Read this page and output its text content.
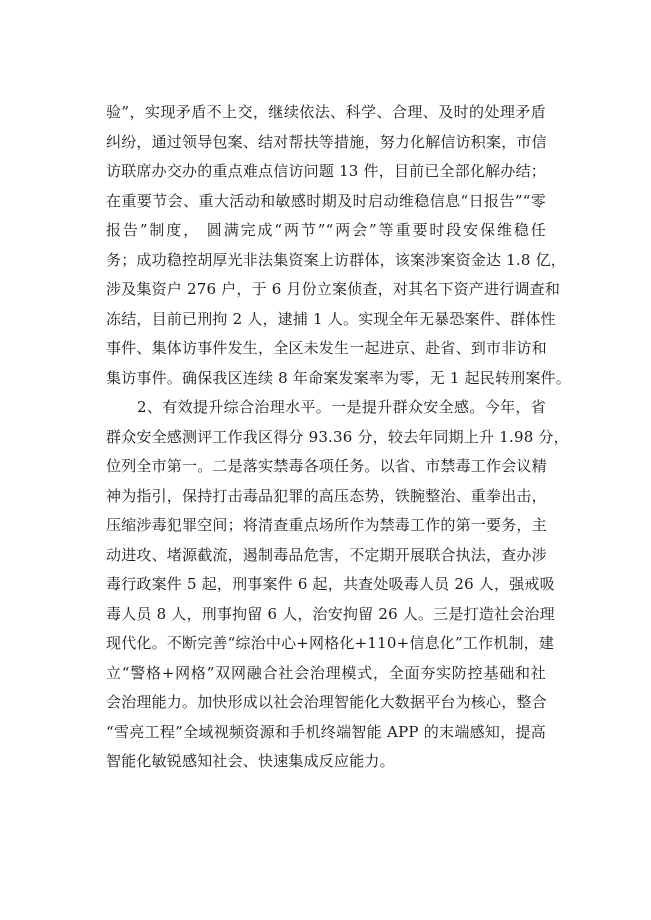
验”，实现矛盾不上交，继续依法、科学、合理、及时的处理矛盾
纠纷，通过领导包案、结对帮扶等措施，努力化解信访积案，市信
访联席办交办的重点难点信访问题 13 件，目前已全部化解办结；
在重要节会、重大活动和敏感时期及时启动维稳信息“日报告”“零
报告”制度， 圆满完成“两节”“两会”等重要时段安保维稳任
务；成功稳控胡厚光非法集资案上访群体，该案涉案资金达 1.8 亿，
涉及集资户 276 户，于 6 月份立案侦查，对其名下资产进行调查和
冻结，目前已刑拘 2 人，逮捕 1 人。实现全年无暴恐案件、群体性
事件、集体访事件发生，全区未发生一起进京、赴省、到市非访和
集访事件。确保我区连续 8 年命案发案率为零，无 1 起民转刑案件。
2、有效提升综合治理水平。一是提升群众安全感。今年，省
群众安全感测评工作我区得分 93.36 分，较去年同期上升 1.98 分，
位列全市第一。二是落实禁毒各项任务。以省、市禁毒工作会议精
神为指引，保持打击毒品犯罪的高压态势，铁腕整治、重拳出击，
压缩涉毒犯罪空间；将清查重点场所作为禁毒工作的第一要务，主
动进攻、堵源截流，遏制毒品危害，不定期开展联合执法，查办涉
毒行政案件 5 起，刑事案件 6 起，共查处吸毒人员 26 人，强戒吸
毒人员 8 人，刑事拘留 6 人，治安拘留 26 人。三是打造社会治理
现代化。不断完善“综治中心+网格化+110+信息化”工作机制，建
立“警格+网格”双网融合社会治理模式，全面夯实防控基础和社
会治理能力。加快形成以社会治理智能化大数据平台为核心，整合
“雪亮工程”全域视频资源和手机终端智能 APP 的末端感知，提高
智能化敏锐感知社会、快速集成反应能力。
